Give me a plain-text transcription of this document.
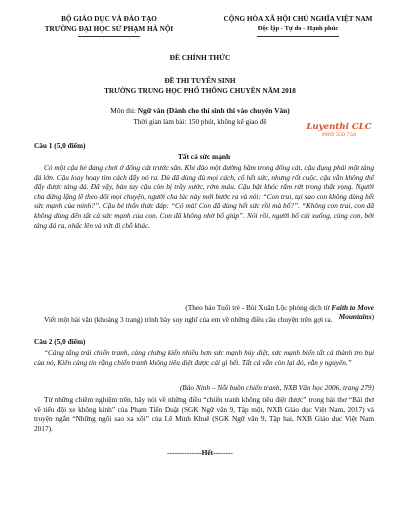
BỘ GIÁO DỤC VÀ ĐÀO TẠO
TRƯỜNG ĐẠI HỌC SƯ PHẠM HÀ NỘI
CỘNG HÒA XÃ HỘI CHỦ NGHĨA VIỆT NAM
Độc lập - Tự do - Hạnh phúc
ĐỀ CHÍNH THỨC
ĐỀ THI TUYỂN SINH
TRƯỜNG TRUNG HỌC PHỔ THÔNG CHUYÊN NĂM 2018
Môn thi: Ngữ văn (Dành cho thí sinh thi vào chuyên Văn)
Thời gian làm bài: 150 phút, không kể giao đề	Luyenthi CLC
0969 350 758
Câu 1 (5,0 điểm)
Tất cả sức mạnh
Có một cậu bé đang chơi ở đống cát trước sân. Khi đào một đường hầm trong đống cát, cậu đụng phải một tảng đá lớn. Cậu loay hoay tìm cách đẩy nó ra. Dù đã dùng đủ mọi cách, cố hết sức, nhưng rốt cuộc, cậu vẫn không thể đẩy được tảng đá. Đã vậy, bàn tay cậu còn bị trầy xước, rớm máu. Cậu bật khóc rấm rứt trong thất vọng. Người cha đứng lặng lẽ theo dõi mọi chuyện, người cha lúc này mới bước ra và nói: “Con trai, tại sao con không dùng hết sức mạnh của mình?”. Cậu bé thổn thức đáp: “Có mà! Con đã dùng hết sức rồi mà bố?”. “Không con trai, con đã không dùng đến tất cả sức mạnh của con. Con đã không nhờ bố giúp”. Nói rồi, người bố cúi xuống, cùng con, bới tảng đá ra, nhấc lên và vứt đi chỗ khác.
(Theo báo Tuổi trẻ - Bùi Xuân Lộc phỏng dịch từ Faith to Move Mountains)
Viết một bài văn (khoảng 3 trang) trình bày suy nghĩ của em về những điều câu chuyện trên gợi ra.
Câu 2 (5,0 điểm)
“Cảng tăng trải chiến tranh, càng chứng kiến nhiều hơn sức mạnh hủy diệt, sức mạnh biến tất cả thành tro bụi của nó, Kiên càng tin rằng chiến tranh không tiêu diệt được cái gì hết. Tất cả vẫn còn lại đó, vẫn y nguyên.”
(Bảo Ninh – Nỗi buồn chiến tranh, NXB Văn học 2006, trang 279)
Từ những chiêm nghiệm trên, hãy nói về những điều “chiến tranh không tiêu diệt được” trong bài thơ “Bài thơ về tiểu đội xe không kính” của Phạm Tiến Duật (SGK Ngữ văn 9, Tập một, NXB Giáo dục Việt Nam, 2017) và truyện ngắn “Những ngôi sao xa xôi” của Lê Minh Khuê (SGK Ngữ văn 9, Tập hai, NXB Giáo dục Việt Nam 2017).
--------------Hết--------
